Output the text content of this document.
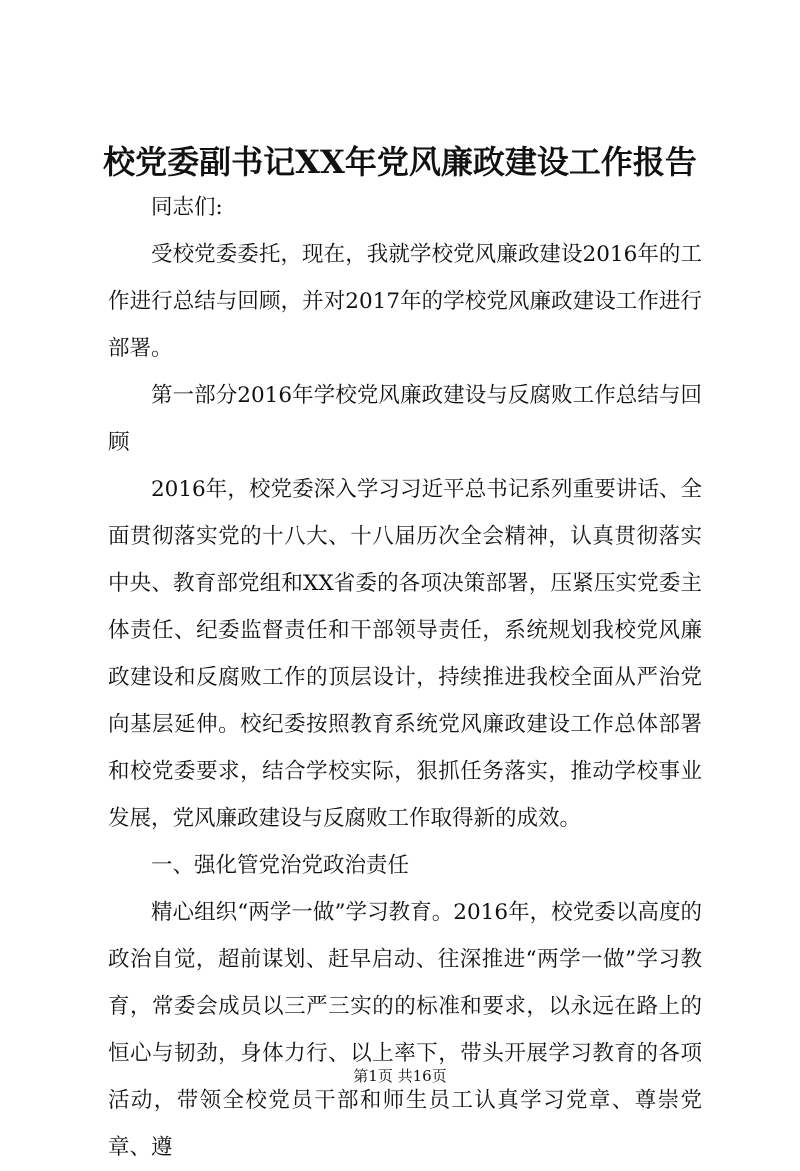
校党委副书记XX年党风廉政建设工作报告

同志们:

受校党委委托，现在，我就学校党风廉政建设2016年的工作进行总结与回顾，并对2017年的学校党风廉政建设工作进行部署。

第一部分2016年学校党风廉政建设与反腐败工作总结与回顾

2016年，校党委深入学习习近平总书记系列重要讲话、全面贯彻落实党的十八大、十八届历次全会精神，认真贯彻落实中央、教育部党组和XX省委的各项决策部署，压紧压实党委主体责任、纪委监督责任和干部领导责任，系统规划我校党风廉政建设和反腐败工作的顶层设计，持续推进我校全面从严治党向基层延伸。校纪委按照教育系统党风廉政建设工作总体部署和校党委要求，结合学校实际，狠抓任务落实，推动学校事业发展，党风廉政建设与反腐败工作取得新的成效。

一、强化管党治党政治责任

精心组织“两学一做”学习教育。2016年，校党委以高度的政治自觉，超前谋划、赶早启动、往深推进“两学一做”学习教育，常委会成员以三严三实的的标准和要求，以永远在路上的恒心与韧劲，身体力行、以上率下，带头开展学习教育的各项活动，带领全校党员干部和师生员工认真学习党章、尊崇党章、遵

第1页 共16页
